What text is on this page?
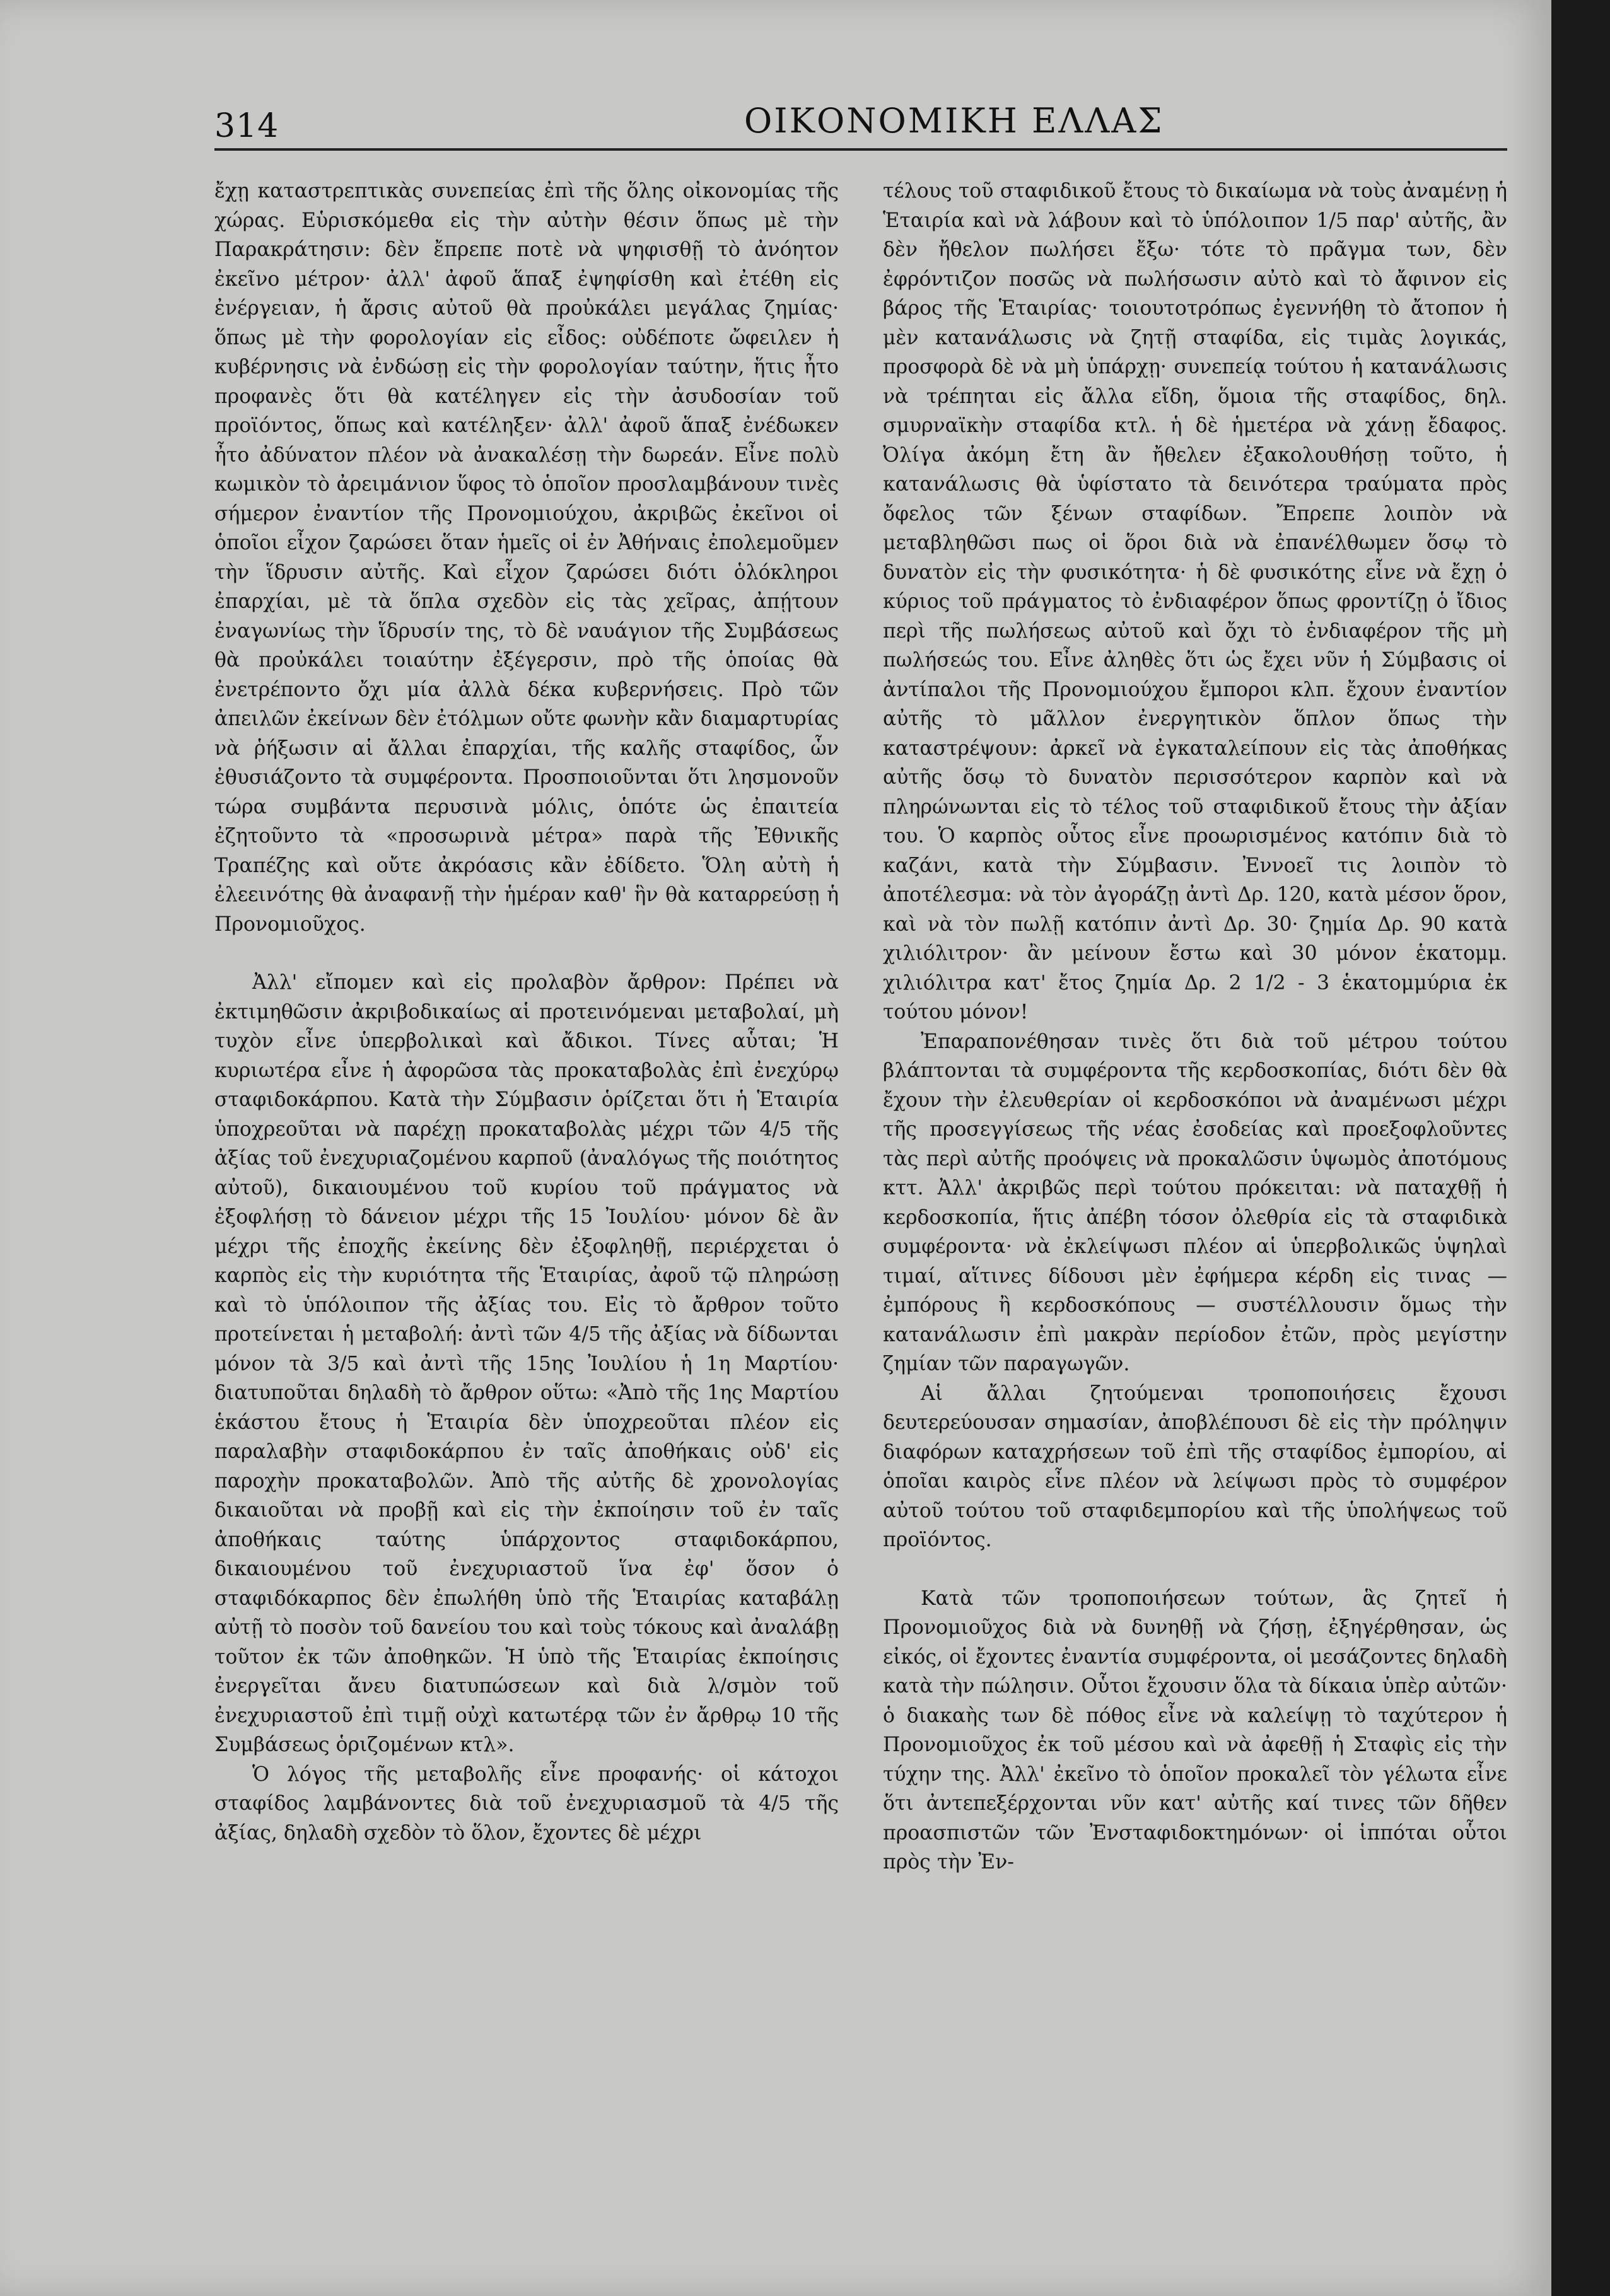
314	ΟΙΚΟΝΟΜΙΚΗ ΕΛΛΑΣ

ἔχῃ καταστρεπτικὰς συνεπείας ἐπὶ τῆς ὅλης οἰκονομίας τῆς χώρας. Εὑρισκόμεθα εἰς τὴν αὐτὴν θέσιν ὅπως μὲ τὴν Παρακράτησιν: δὲν ἔπρεπε ποτὲ νὰ ψηφισθῇ τὸ ἀνόητον ἐκεῖνο μέτρον· ἀλλ' ἀφοῦ ἅπαξ ἐψηφίσθη καὶ ἐτέθη εἰς ἐνέργειαν, ἡ ἄρσις αὐτοῦ θὰ προὐκάλει μεγάλας ζημίας· ὅπως μὲ τὴν φορολογίαν εἰς εἶδος: οὐδέποτε ὤφειλεν ἡ κυβέρνησις νὰ ἐνδώσῃ εἰς τὴν φορολογίαν ταύτην, ἥτις ἦτο προφανὲς ὅτι θὰ κατέληγεν εἰς τὴν ἀσυδοσίαν τοῦ προϊόντος, ὅπως καὶ κατέληξεν· ἀλλ' ἀφοῦ ἅπαξ ἐνέδωκεν ἦτο ἀδύνατον πλέον νὰ ἀνακαλέσῃ τὴν δωρεάν. Εἶνε πολὺ κωμικὸν τὸ ἀρειμάνιον ὕφος τὸ ὁποῖον προσλαμβάνουν τινὲς σήμερον ἐναντίον τῆς Προνομιούχου, ἀκριβῶς ἐκεῖνοι οἱ ὁποῖοι εἶχον ζαρώσει ὅταν ἡμεῖς οἱ ἐν Ἀθήναις ἐπολεμοῦμεν τὴν ἵδρυσιν αὐτῆς. Καὶ εἶχον ζαρώσει διότι ὁλόκληροι ἐπαρχίαι, μὲ τὰ ὅπλα σχεδὸν εἰς τὰς χεῖρας, ἀπῄτουν ἐναγωνίως τὴν ἵδρυσίν της, τὸ δὲ ναυάγιον τῆς Συμβάσεως θὰ προὐκάλει τοιαύτην ἐξέγερσιν, πρὸ τῆς ὁποίας θὰ ἐνετρέποντο ὄχι μία ἀλλὰ δέκα κυβερνήσεις. Πρὸ τῶν ἀπειλῶν ἐκείνων δὲν ἐτόλμων οὔτε φωνὴν κἂν διαμαρτυρίας νὰ ῥήξωσιν αἱ ἄλλαι ἐπαρχίαι, τῆς καλῆς σταφίδος, ὧν ἐθυσιάζοντο τὰ συμφέροντα. Προσποιοῦνται ὅτι λησμονοῦν τώρα συμβάντα περυσινὰ μόλις, ὁπότε ὡς ἐπαιτεία ἐζητοῦντο τὰ «προσωρινὰ μέτρα» παρὰ τῆς Ἐθνικῆς Τραπέζης καὶ οὔτε ἀκρόασις κἂν ἐδίδετο. Ὅλη αὐτὴ ἡ ἐλεεινότης θὰ ἀναφανῇ τὴν ἡμέραν καθ' ἣν θὰ καταρρεύσῃ ἡ Προνομιοῦχος.

Ἀλλ' εἴπομεν καὶ εἰς προλαβὸν ἄρθρον: Πρέπει νὰ ἐκτιμηθῶσιν ἀκριβοδικαίως αἱ προτεινόμεναι μεταβολαί, μὴ τυχὸν εἶνε ὑπερβολικαὶ καὶ ἄδικοι. Τίνες αὗται; Ἡ κυριωτέρα εἶνε ἡ ἀφορῶσα τὰς προκαταβολὰς ἐπὶ ἐνεχύρῳ σταφιδοκάρπου. Κατὰ τὴν Σύμβασιν ὁρίζεται ὅτι ἡ Ἑταιρία ὑποχρεοῦται νὰ παρέχῃ προκαταβολὰς μέχρι τῶν 4/5 τῆς ἀξίας τοῦ ἐνεχυριαζομένου καρποῦ (ἀναλόγως τῆς ποιότητος αὐτοῦ), δικαιουμένου τοῦ κυρίου τοῦ πράγματος νὰ ἐξοφλήσῃ τὸ δάνειον μέχρι τῆς 15 Ἰουλίου· μόνον δὲ ἂν μέχρι τῆς ἐποχῆς ἐκείνης δὲν ἐξοφληθῇ, περιέρχεται ὁ καρπὸς εἰς τὴν κυριότητα τῆς Ἑταιρίας, ἀφοῦ τῷ πληρώσῃ καὶ τὸ ὑπόλοιπον τῆς ἀξίας του. Εἰς τὸ ἄρθρον τοῦτο προτείνεται ἡ μεταβολή: ἀντὶ τῶν 4/5 τῆς ἀξίας νὰ δίδωνται μόνον τὰ 3/5 καὶ ἀντὶ τῆς 15ης Ἰουλίου ἡ 1η Μαρτίου· διατυποῦται δηλαδὴ τὸ ἄρθρον οὕτω: «Ἀπὸ τῆς 1ης Μαρτίου ἑκάστου ἔτους ἡ Ἑταιρία δὲν ὑποχρεοῦται πλέον εἰς παραλαβὴν σταφιδοκάρπου ἐν ταῖς ἀποθήκαις οὐδ' εἰς παροχὴν προκαταβολῶν. Ἀπὸ τῆς αὐτῆς δὲ χρονολογίας δικαιοῦται νὰ προβῇ καὶ εἰς τὴν ἐκποίησιν τοῦ ἐν ταῖς ἀποθήκαις ταύτης ὑπάρχοντος σταφιδοκάρπου, δικαιουμένου τοῦ ἐνεχυριαστοῦ ἵνα ἐφ' ὅσον ὁ σταφιδόκαρπος δὲν ἐπωλήθη ὑπὸ τῆς Ἑταιρίας καταβάλῃ αὐτῇ τὸ ποσὸν τοῦ δανείου του καὶ τοὺς τόκους καὶ ἀναλάβῃ τοῦτον ἐκ τῶν ἀποθηκῶν. Ἡ ὑπὸ τῆς Ἑταιρίας ἐκποίησις ἐνεργεῖται ἄνευ διατυπώσεων καὶ διὰ λ/σμὸν τοῦ ἐνεχυριαστοῦ ἐπὶ τιμῇ οὐχὶ κατωτέρᾳ τῶν ἐν ἄρθρῳ 10 τῆς Συμβάσεως ὁριζομένων κτλ».

Ὁ λόγος τῆς μεταβολῆς εἶνε προφανής· οἱ κάτοχοι σταφίδος λαμβάνοντες διὰ τοῦ ἐνεχυριασμοῦ τὰ 4/5 τῆς ἀξίας, δηλαδὴ σχεδὸν τὸ ὅλον, ἔχοντες δὲ μέχρι

τέλους τοῦ σταφιδικοῦ ἔτους τὸ δικαίωμα νὰ τοὺς ἀναμένῃ ἡ Ἑταιρία καὶ νὰ λάβουν καὶ τὸ ὑπόλοιπον 1/5 παρ' αὐτῆς, ἂν δὲν ἤθελον πωλήσει ἔξω· τότε τὸ πρᾶγμα των, δὲν ἐφρόντιζον ποσῶς νὰ πωλήσωσιν αὐτὸ καὶ τὸ ἄφινον εἰς βάρος τῆς Ἑταιρίας· τοιουτοτρόπως ἐγεννήθη τὸ ἄτοπον ἡ μὲν κατανάλωσις νὰ ζητῇ σταφίδα, εἰς τιμὰς λογικάς, προσφορὰ δὲ νὰ μὴ ὑπάρχῃ· συνεπείᾳ τούτου ἡ κατανάλωσις νὰ τρέπηται εἰς ἄλλα εἴδη, ὅμοια τῆς σταφίδος, δηλ. σμυρναϊκὴν σταφίδα κτλ. ἡ δὲ ἡμετέρα νὰ χάνῃ ἔδαφος. Ὀλίγα ἀκόμη ἔτη ἂν ἤθελεν ἐξακολουθήσῃ τοῦτο, ἡ κατανάλωσις θὰ ὑφίστατο τὰ δεινότερα τραύματα πρὸς ὄφελος τῶν ξένων σταφίδων. Ἔπρεπε λοιπὸν νὰ μεταβληθῶσι πως οἱ ὅροι διὰ νὰ ἐπανέλθωμεν ὅσῳ τὸ δυνατὸν εἰς τὴν φυσικότητα· ἡ δὲ φυσικότης εἶνε νὰ ἔχῃ ὁ κύριος τοῦ πράγματος τὸ ἐνδιαφέρον ὅπως φροντίζῃ ὁ ἴδιος περὶ τῆς πωλήσεως αὐτοῦ καὶ ὄχι τὸ ἐνδιαφέρον τῆς μὴ πωλήσεώς του. Εἶνε ἀληθὲς ὅτι ὡς ἔχει νῦν ἡ Σύμβασις οἱ ἀντίπαλοι τῆς Προνομιούχου ἔμποροι κλπ. ἔχουν ἐναντίον αὐτῆς τὸ μᾶλλον ἐνεργητικὸν ὅπλον ὅπως τὴν καταστρέψουν: ἀρκεῖ νὰ ἐγκαταλείπουν εἰς τὰς ἀποθήκας αὐτῆς ὅσῳ τὸ δυνατὸν περισσότερον καρπὸν καὶ νὰ πληρώνωνται εἰς τὸ τέλος τοῦ σταφιδικοῦ ἔτους τὴν ἀξίαν του. Ὁ καρπὸς οὗτος εἶνε προωρισμένος κατόπιν διὰ τὸ καζάνι, κατὰ τὴν Σύμβασιν. Ἐννοεῖ τις λοιπὸν τὸ ἀποτέλεσμα: νὰ τὸν ἀγοράζῃ ἀντὶ Δρ. 120, κατὰ μέσον ὅρον, καὶ νὰ τὸν πωλῇ κατόπιν ἀντὶ Δρ. 30· ζημία Δρ. 90 κατὰ χιλιόλιτρον· ἂν μείνουν ἔστω καὶ 30 μόνον ἑκατομμ. χιλιόλιτρα κατ' ἔτος ζημία Δρ. 2 1/2 - 3 ἑκατομμύρια ἐκ τούτου μόνον!

Ἐπαραπονέθησαν τινὲς ὅτι διὰ τοῦ μέτρου τούτου βλάπτονται τὰ συμφέροντα τῆς κερδοσκοπίας, διότι δὲν θὰ ἔχουν τὴν ἐλευθερίαν οἱ κερδοσκόποι νὰ ἀναμένωσι μέχρι τῆς προσεγγίσεως τῆς νέας ἐσοδείας καὶ προεξοφλοῦντες τὰς περὶ αὐτῆς προόψεις νὰ προκαλῶσιν ὑψωμὸς ἀποτόμους κττ. Ἀλλ' ἀκριβῶς περὶ τούτου πρόκειται: νὰ παταχθῇ ἡ κερδοσκοπία, ἥτις ἀπέβη τόσον ὀλεθρία εἰς τὰ σταφιδικὰ συμφέροντα· νὰ ἐκλείψωσι πλέον αἱ ὑπερβολικῶς ὑψηλαὶ τιμαί, αἵτινες δίδουσι μὲν ἐφήμερα κέρδη εἰς τινας — ἐμπόρους ἢ κερδοσκόπους — συστέλλουσιν ὅμως τὴν κατανάλωσιν ἐπὶ μακρὰν περίοδον ἐτῶν, πρὸς μεγίστην ζημίαν τῶν παραγωγῶν.

Αἱ ἄλλαι ζητούμεναι τροποποιήσεις ἔχουσι δευτερεύουσαν σημασίαν, ἀποβλέπουσι δὲ εἰς τὴν πρόληψιν διαφόρων καταχρήσεων τοῦ ἐπὶ τῆς σταφίδος ἐμπορίου, αἱ ὁποῖαι καιρὸς εἶνε πλέον νὰ λείψωσι πρὸς τὸ συμφέρον αὐτοῦ τούτου τοῦ σταφιδεμπορίου καὶ τῆς ὑπολήψεως τοῦ προϊόντος.

Κατὰ τῶν τροποποιήσεων τούτων, ἃς ζητεῖ ἡ Προνομιοῦχος διὰ νὰ δυνηθῇ νὰ ζήσῃ, ἐξηγέρθησαν, ὡς εἰκός, οἱ ἔχοντες ἐναντία συμφέροντα, οἱ μεσάζοντες δηλαδὴ κατὰ τὴν πώλησιν. Οὗτοι ἔχουσιν ὅλα τὰ δίκαια ὑπὲρ αὐτῶν· ὁ διακαὴς των δὲ πόθος εἶνε νὰ καλείψῃ τὸ ταχύτερον ἡ Προνομιοῦχος ἐκ τοῦ μέσου καὶ νὰ ἀφεθῇ ἡ Σταφὶς εἰς τὴν τύχην της. Ἀλλ' ἐκεῖνο τὸ ὁποῖον προκαλεῖ τὸν γέλωτα εἶνε ὅτι ἀντεπεξέρχονται νῦν κατ' αὐτῆς καί τινες τῶν δῆθεν προασπιστῶν τῶν Ἐνσταφιδοκτημόνων· οἱ ἱππόται οὗτοι πρὸς τὴν Ἐν-
